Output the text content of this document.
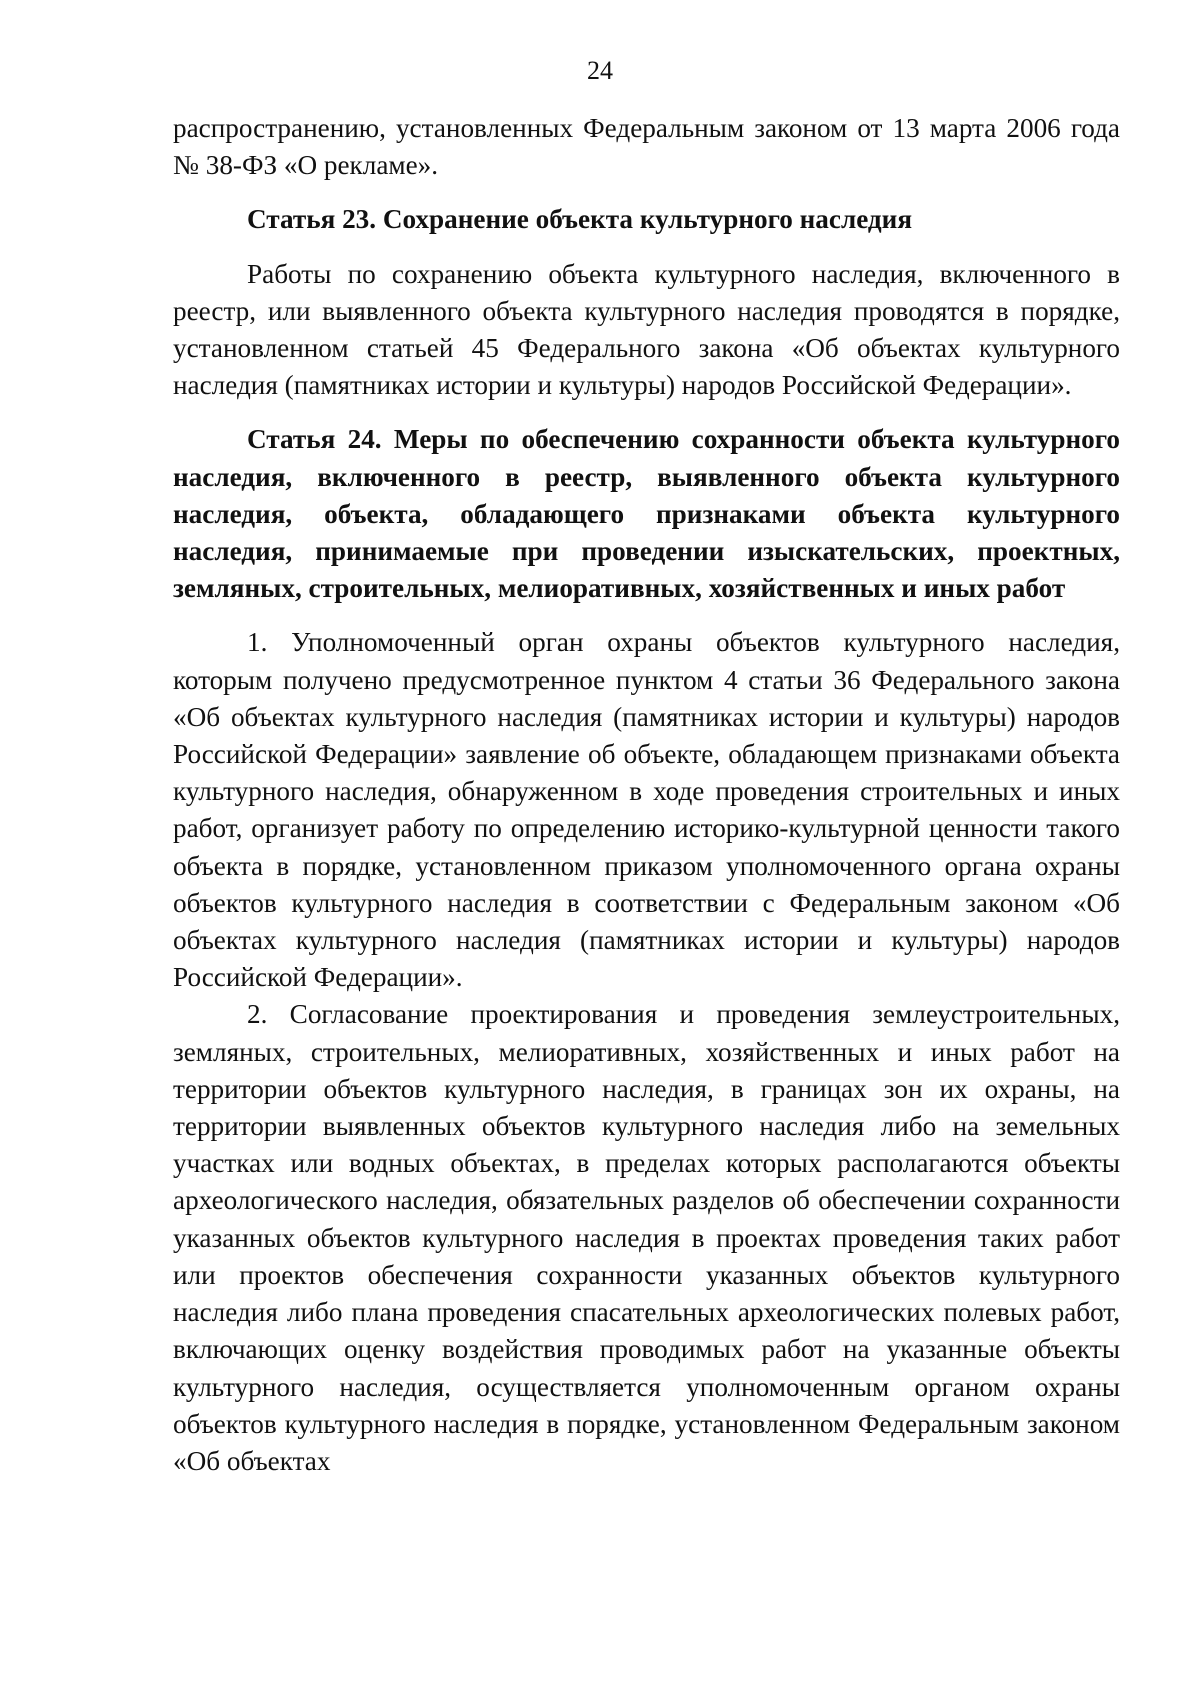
24

распространению, установленных Федеральным законом от 13 марта 2006 года № 38-ФЗ «О рекламе».

Статья 23. Сохранение объекта культурного наследия

Работы по сохранению объекта культурного наследия, включенного в реестр, или выявленного объекта культурного наследия проводятся в порядке, установленном статьей 45 Федерального закона «Об объектах культурного наследия (памятниках истории и культуры) народов Российской Федерации».

Статья 24. Меры по обеспечению сохранности объекта культурного наследия, включенного в реестр, выявленного объекта культурного наследия, объекта, обладающего признаками объекта культурного наследия, принимаемые при проведении изыскательских, проектных, земляных, строительных, мелиоративных, хозяйственных и иных работ

1. Уполномоченный орган охраны объектов культурного наследия, которым получено предусмотренное пунктом 4 статьи 36 Федерального закона «Об объектах культурного наследия (памятниках истории и культуры) народов Российской Федерации» заявление об объекте, обладающем признаками объекта культурного наследия, обнаруженном в ходе проведения строительных и иных работ, организует работу по определению историко-культурной ценности такого объекта в порядке, установленном приказом уполномоченного органа охраны объектов культурного наследия в соответствии с Федеральным законом «Об объектах культурного наследия (памятниках истории и культуры) народов Российской Федерации».

2. Согласование проектирования и проведения землеустроительных, земляных, строительных, мелиоративных, хозяйственных и иных работ на территории объектов культурного наследия, в границах зон их охраны, на территории выявленных объектов культурного наследия либо на земельных участках или водных объектах, в пределах которых располагаются объекты археологического наследия, обязательных разделов об обеспечении сохранности указанных объектов культурного наследия в проектах проведения таких работ или проектов обеспечения сохранности указанных объектов культурного наследия либо плана проведения спасательных археологических полевых работ, включающих оценку воздействия проводимых работ на указанные объекты культурного наследия, осуществляется уполномоченным органом охраны объектов культурного наследия в порядке, установленном Федеральным законом «Об объектах
